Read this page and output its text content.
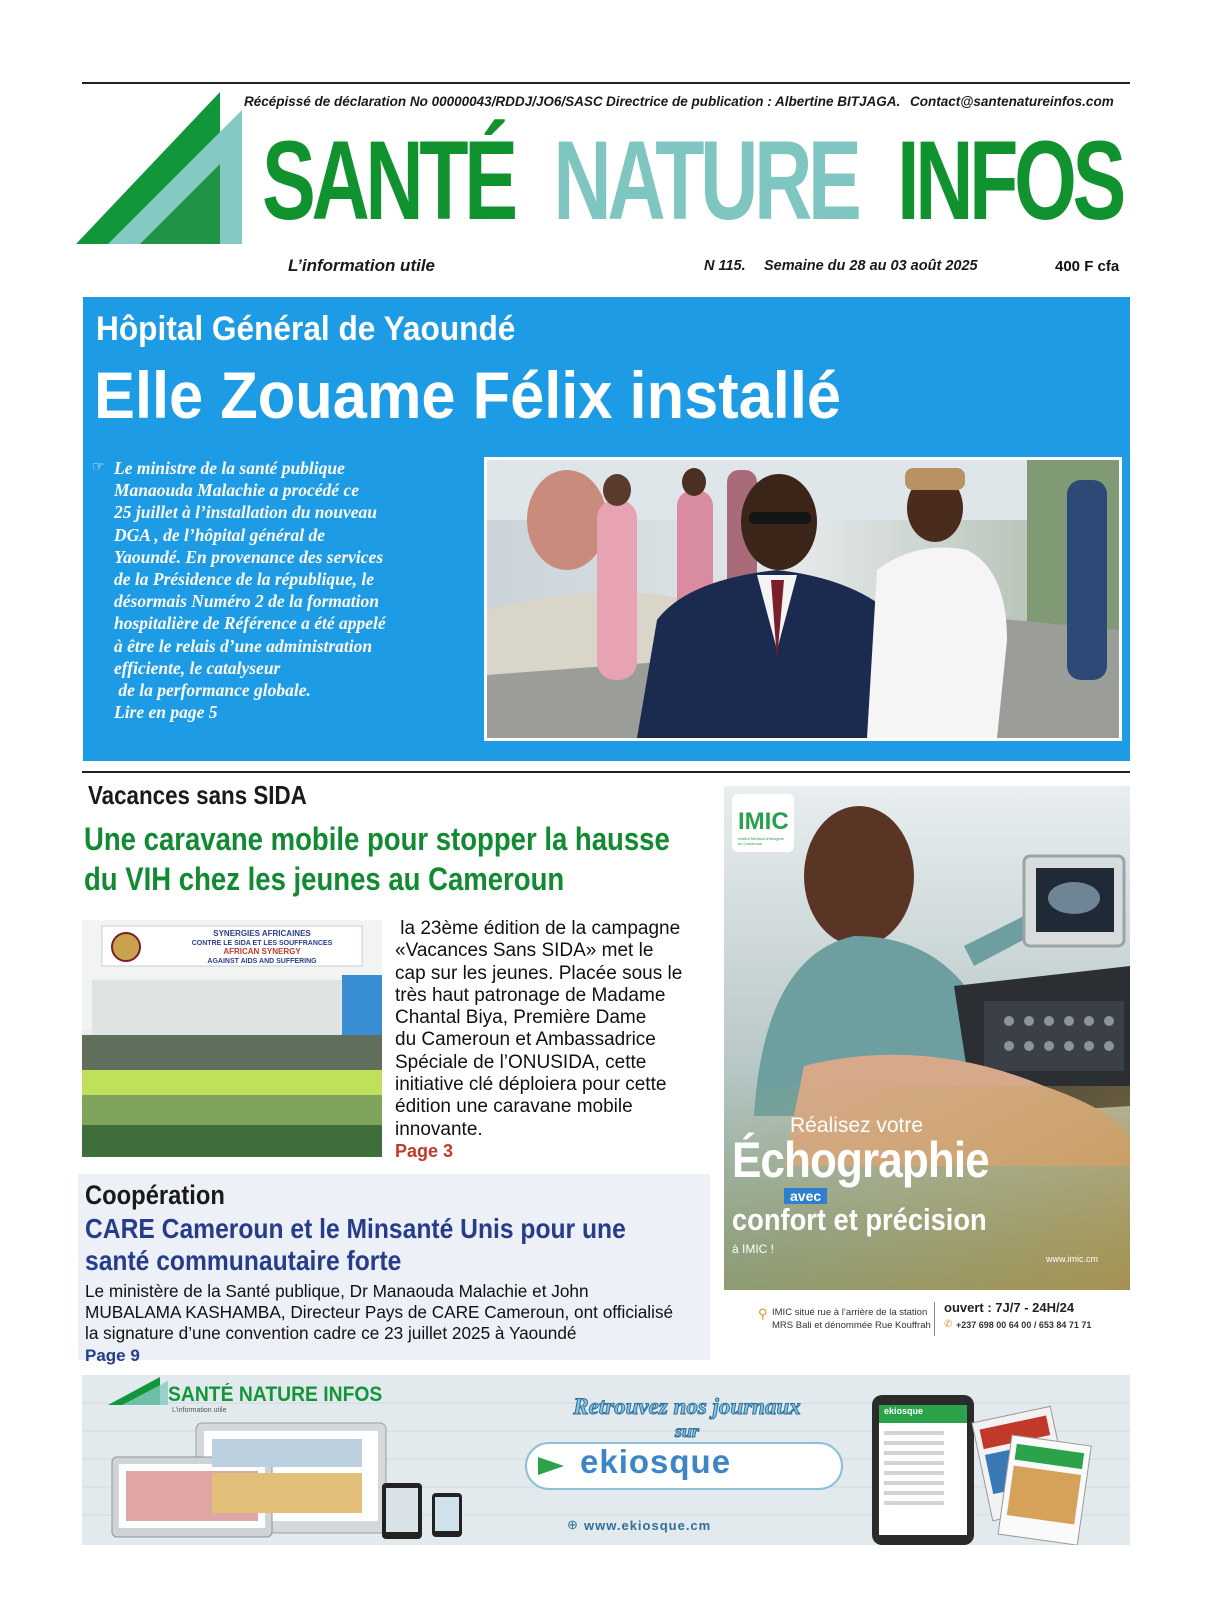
Récépissé de déclaration No 00000043/RDDJ/JO6/SASC Directrice de publication : Albertine BITJAGA. Contact@santenatureinfos.com
SANTÉ NATURE INFOS
L’information utile	N 115. Semaine du 28 au 03 août 2025	400 F cfa
Hôpital Général de Yaoundé
Elle Zouame Félix installé
☞ Le ministre de la santé publique
Manaouda Malachie a procédé ce
25 juillet à l’installation du nouveau
DGA , de l’hôpital général de
Yaoundé. En provenance des services
de la Présidence de la république, le
désormais Numéro 2 de la formation
hospitalière de Référence a été appelé
à être le relais d’une administration
efficiente, le catalyseur
de la performance globale.
Lire en page 5
Vacances sans SIDA
Une caravane mobile pour stopper la hausse
du VIH chez les jeunes au Cameroun
SYNERGIES AFRICAINES
CONTRE LE SIDA ET LES SOUFFRANCES
AFRICAN SYNERGY
AGAINST AIDS AND SUFFERING
la 23ème édition de la campagne
«Vacances Sans SIDA» met le
cap sur les jeunes. Placée sous le
très haut patronage de Madame
Chantal Biya, Première Dame
du Cameroun et Ambassadrice
Spéciale de l’ONUSIDA, cette
initiative clé déploiera pour cette
édition une caravane mobile
innovante.
Page 3
Coopération
CARE Cameroun et le Minsanté Unis pour une
santé communautaire forte
Le ministère de la Santé publique, Dr Manaouda Malachie et John
MUBALAMA KASHAMBA, Directeur Pays de CARE Cameroun, ont officialisé
la signature d’une convention cadre ce 23 juillet 2025 à Yaoundé
Page 9
IMIC
Institut Médical d'Imagerie du Cameroun
Réalisez votre
Échographie
avec
confort et précision
à IMIC !
www.imic.cm
⚲ IMIC situé rue à l’arrière de la station
MRS Bali et dénommée Rue Kouffrah
ouvert : 7J/7 - 24H/24
✆ +237 698 00 64 00 / 653 84 71 71
SANTÉ NATURE INFOS
L’information utile	Retrouvez nos journaux
sur
ekiosque
⊕ www.ekiosque.cm
ekiosque
